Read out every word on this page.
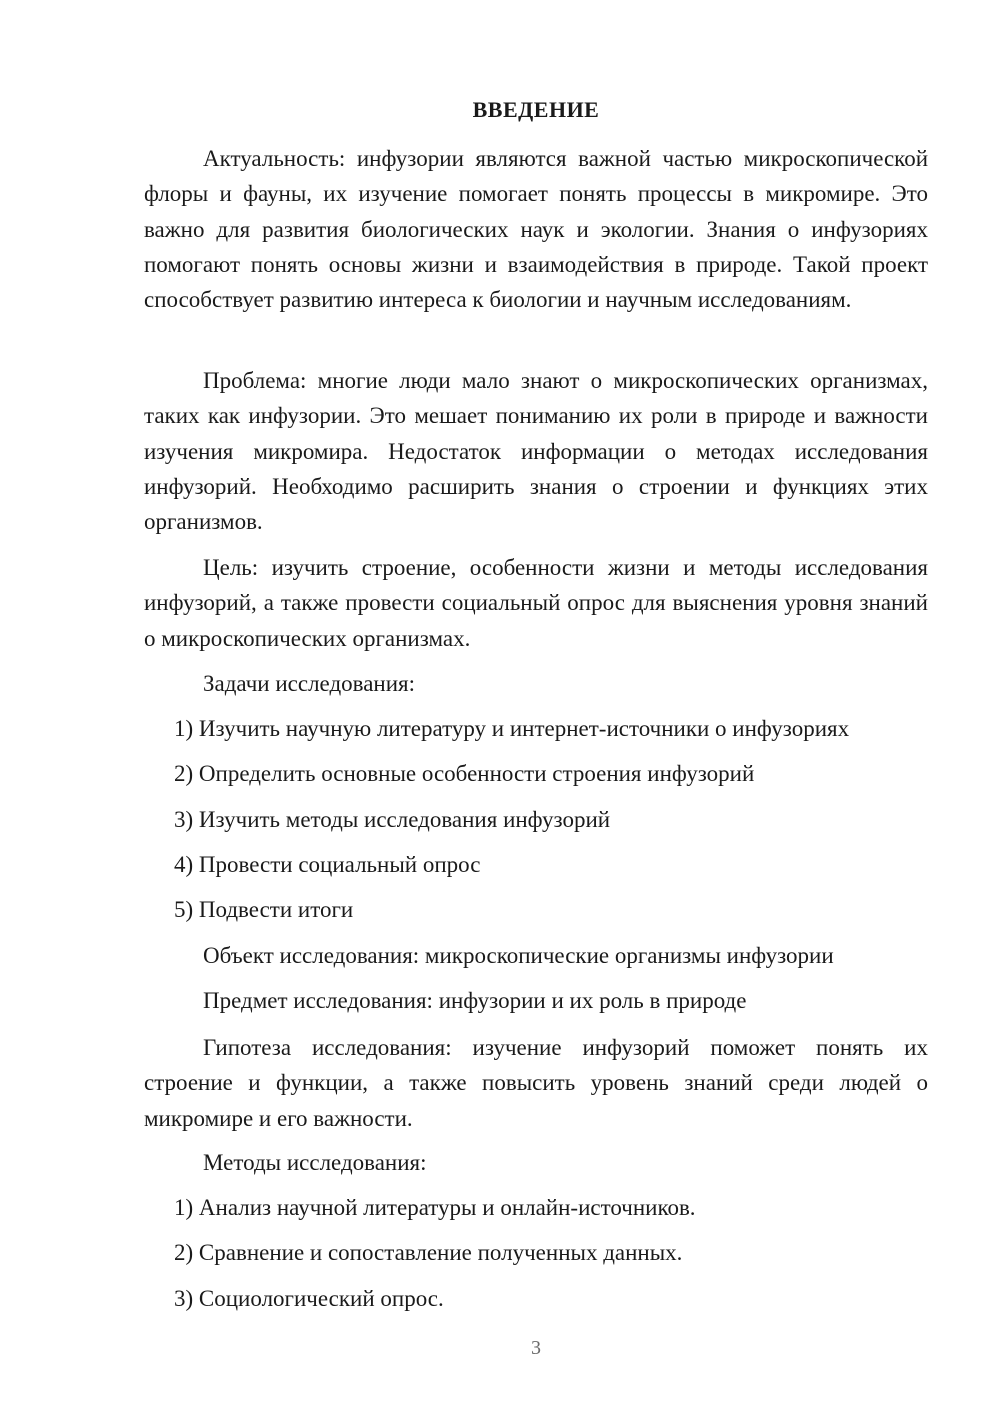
ВВЕДЕНИЕ

Актуальность: инфузории являются важной частью микроскопической флоры и фауны, их изучение помогает понять процессы в микромире. Это важно для развития биологических наук и экологии. Знания о инфузориях помогают понять основы жизни и взаимодействия в природе. Такой проект способствует развитию интереса к биологии и научным исследованиям.

Проблема: многие люди мало знают о микроскопических организмах, таких как инфузории. Это мешает пониманию их роли в природе и важности изучения микромира. Недостаток информации о методах исследования инфузорий. Необходимо расширить знания о строении и функциях этих организмов.

Цель: изучить строение, особенности жизни и методы исследования инфузорий, а также провести социальный опрос для выяснения уровня знаний о микроскопических организмах.

Задачи исследования:

1) Изучить научную литературу и интернет-источники о инфузориях

2) Определить основные особенности строения инфузорий

3) Изучить методы исследования инфузорий

4) Провести социальный опрос

5) Подвести итоги

Объект исследования: микроскопические организмы инфузории

Предмет исследования: инфузории и их роль в природе

Гипотеза исследования: изучение инфузорий поможет понять их строение и функции, а также повысить уровень знаний среди людей о микромире и его важности.

Методы исследования:

1) Анализ научной литературы и онлайн-источников.

2) Сравнение и сопоставление полученных данных.

3) Социологический опрос.

3
